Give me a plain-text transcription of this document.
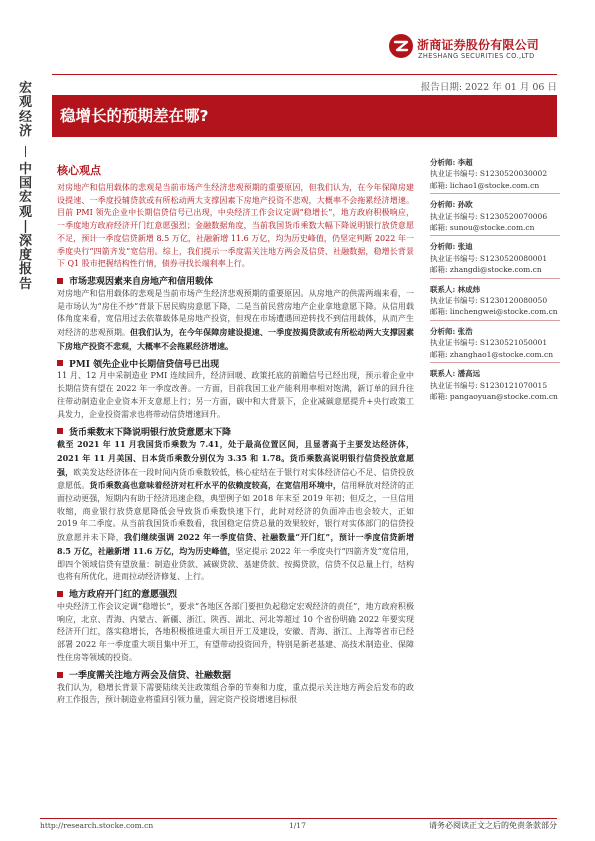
浙商证券股份有限公司
ZHESHANG SECURITIES CO.,LTD
报告日期: 2022 年 01 月 06 日
宏
观
经
济
中
国
宏
观
|
深
度
报
告
稳增长的预期差在哪?
核心观点

对房地产和信用载体的悲观是当前市场产生经济悲观预期的重要原因，但我们认为，在今年保障房建设提速、一季度投辅贷款或有所松动两大支撑因素下房地产投资不悲观，大概率不会拖累经济增速。目前 PMI 领先企业中长期信贷信号已出现，中央经济工作会议定调“稳增长”，地方政府积极响应，一季度地方政府经济开门红意愿强烈；金融数据角度，当前我国货币乘数大幅下降说明银行放贷意愿不足，预计一季度信贷新增 8.5 万亿，社融新增 11.6 万亿，均为历史峰值，仍坚定判断 2022 年一季度央行“四箭齐发”宽信用。综上，我们提示一季度需关注地方两会及信贷、社融数据，稳增长背景下 Q1 股市把握结构性行情，债券寻找长端利率上行。

市场悲观因素来自房地产和信用载体

对房地产和信用载体的悲观是当前市场产生经济悲观预期的重要原因。从房地产的供需两端来看，一是市场认为“房住不炒”背景下居民购房意愿下降，二是当前民营房地产企业拿地意愿下降。从信用载体角度来看，宽信用过去依靠载体是房地产投资，但现在市场遭遇回逆转找不到信用载体，从而产生对经济的悲观预期。但我们认为，在今年保障房建设提速、一季度按揭贷款或有所松动两大支撑因素下房地产投资不悲观，大概率不会拖累经济增速。

PMI 领先企业中长期信贷信号已出现

11 月、12 月中采制造业 PMI 连续回升，经济回暖、政策托底的前瞻信号已经出现，预示着企业中长期信贷有望在 2022 年一季度改善。一方面，目前我国工业产能利用率相对饱满，新订单的回升往往带动制造业企业资本开支意愿上行；另一方面，碳中和大背景下，企业减碳意愿提升+央行政策工具发力，企业投资需求也将带动信贷增速回升。

货币乘数末下降说明银行放贷意愿末下降

截至 2021 年 11 月我国货币乘数为 7.41，处于最高位置区间，且显著高于主要发达经济体，2021 年 11 月美国、日本货币乘数分别仅为 3.35 和 1.78。货币乘数高说明银行信贷投放意愿强，欧美发达经济体在一段时间内货币乘数较低，核心症结在于银行对实体经济信心不足、信贷投放意愿低。货币乘数高也意味着经济对杠杆水平的依赖度较高，在宽信用环境中，信用释放对经济的正面拉动更强，短期内有助于经济迅速企稳，典型例子如 2018 年末至 2019 年初；但反之，一旦信用收缩，商业银行放贷意愿降低会导致货币乘数快速下行，此时对经济的负面冲击也会较大，正如 2019 年二季度。从当前我国货币乘数看，我国稳定信贷总量的效果较好，银行对实体部门的信贷投放意愿并未下降，我们继续强调 2022 年一季度信贷、社融数量“开门红”，预计一季度信贷新增 8.5 万亿，社融新增 11.6 万亿，均为历史峰值，坚定提示 2022 年一季度央行“四箭齐发”宽信用，即四个领域信贷有望放量：制造业贷款、减碳贷款、基建贷款、按揭贷款，信贷不仅总量上行，结构也将有所优化，进而拉动经济修复、上行。

地方政府开门红的意愿强烈

中央经济工作会议定调“稳增长”，要求“各地区各部门要担负起稳定宏观经济的责任”，地方政府积极响应，北京、青海、内蒙古、新疆、浙江、陕西、湖北、河北等超过 10 个省份明确 2022 年要实现经济开门红，落实稳增长，各地积极推进重大项目开工及建设，安徽、青海、浙江、上海等省市已经部署 2022 年一季度重大项目集中开工，有望带动投资回升，特别是新老基建、高技术制造业、保障性住房等领域的投资。

一季度需关注地方两会及信贷、社融数据

我们认为，稳增长背景下需要陆续关注政策组合拳的节奏和力度，重点提示关注地方两会后发布的政府工作报告，预计制造业将重回引领力量，固定资产投资增速目标很

分析师: 李超
执业证书编号: S1230520030002
邮箱: lichao1@stocke.com.cn
分析师: 孙欧
执业证书编号: S1230520070006
邮箱: sunou@stocke.com.cn
分析师: 张迪
执业证书编号: S1230520080001
邮箱: zhangdi@stocke.com.cn
联系人: 林成炜
执业证书编号: S1230120080050
邮箱: linchengwei@stocke.com.cn
分析师: 张浩
执业证书编号: S1230521050001
邮箱: zhanghao1@stocke.com.cn
联系人: 潘高远
执业证书编号: S1230121070015
邮箱: pangaoyuan@stocke.com.cn
http://research.stocke.com.cn	1/17	请务必阅读正文之后的免责条款部分
